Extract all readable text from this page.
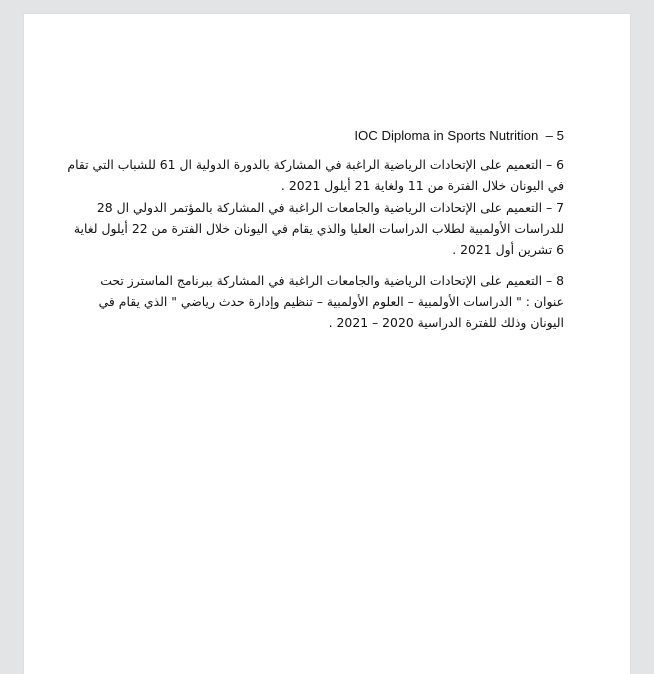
IOC Diploma in Sports Nutrition – 5

6 – التعميم على الإتحادات الرياضية الراغبة في المشاركة بالدورة الدولية ال 61 للشباب التي تقام

في اليونان خلال الفترة من 11 ولغاية 21 أيلول 2021 .

7 – التعميم على الإتحادات الرياضية والجامعات الراغبة في المشاركة بالمؤتمر الدولي ال 28

للدراسات الأولمبية لطلاب الدراسات العليا والذي يقام في اليونان خلال الفترة من 22 أيلول لغاية

6 تشرين أول 2021 .

8 – التعميم على الإتحادات الرياضية والجامعات الراغبة في المشاركة ببرنامج الماسترز تحت

عنوان : " الدراسات الأولمبية – العلوم الأولمبية – تنظيم وإدارة حدث رياضي " الذي يقام في

اليونان وذلك للفترة الدراسية 2020 – 2021 .
